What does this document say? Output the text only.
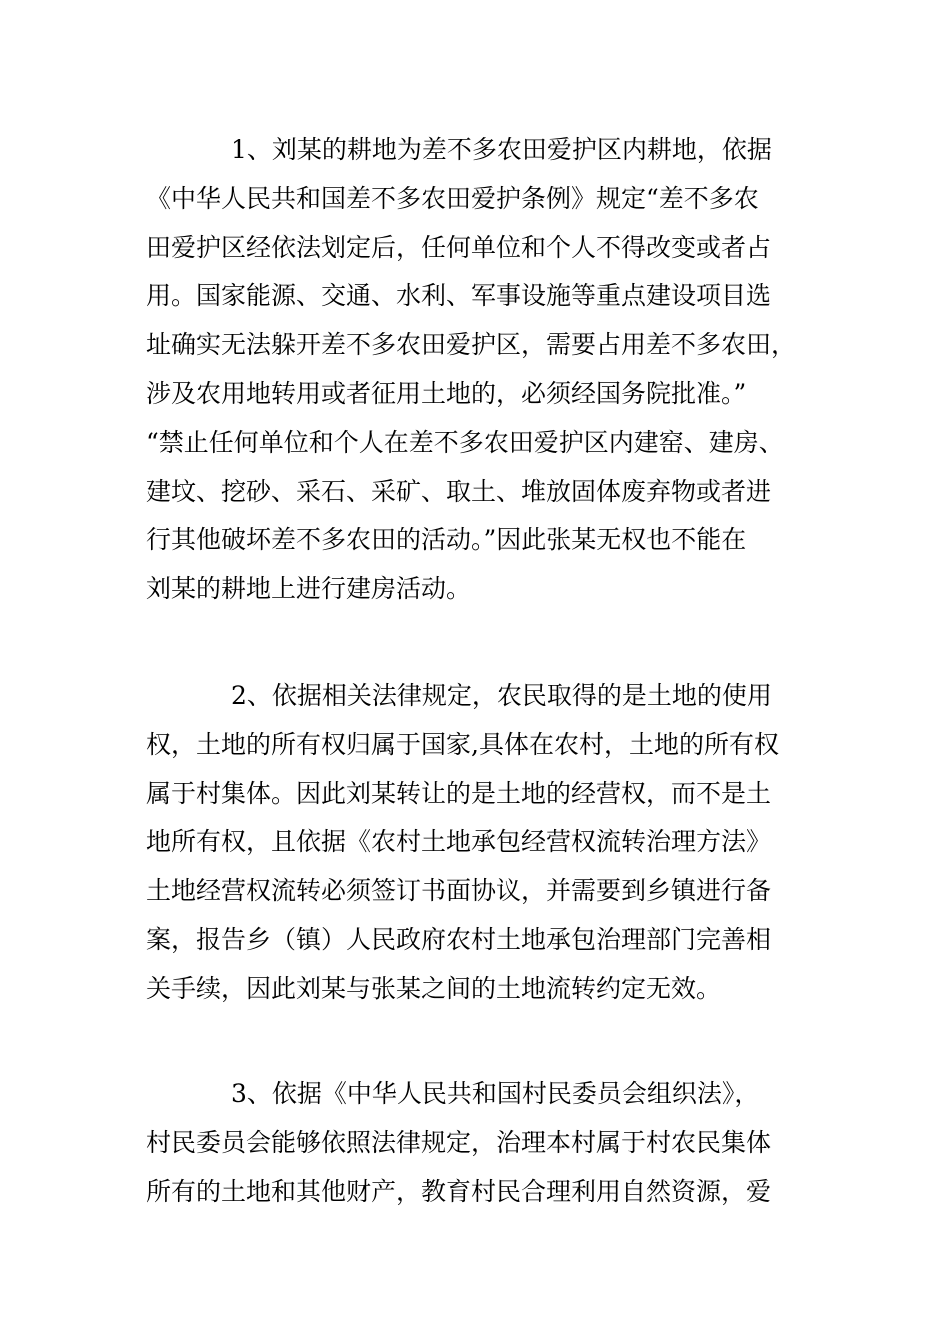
1、刘某的耕地为差不多农田爱护区内耕地，依据
《中华人民共和国差不多农田爱护条例》规定“差不多农
田爱护区经依法划定后，任何单位和个人不得改变或者占
用。国家能源、交通、水利、军事设施等重点建设项目选
址确实无法躲开差不多农田爱护区，需要占用差不多农田，
涉及农用地转用或者征用土地的，必须经国务院批准。”
“禁止任何单位和个人在差不多农田爱护区内建窑、建房、
建坟、挖砂、采石、采矿、取土、堆放固体废弃物或者进
行其他破坏差不多农田的活动。”因此张某无权也不能在
刘某的耕地上进行建房活动。
2、依据相关法律规定，农民取得的是土地的使用
权，土地的所有权归属于国家,具体在农村，土地的所有权
属于村集体。因此刘某转让的是土地的经营权，而不是土
地所有权，且依据《农村土地承包经营权流转治理方法》
土地经营权流转必须签订书面协议，并需要到乡镇进行备
案，报告乡（镇）人民政府农村土地承包治理部门完善相
关手续，因此刘某与张某之间的土地流转约定无效。
3、依据《中华人民共和国村民委员会组织法》，
村民委员会能够依照法律规定，治理本村属于村农民集体
所有的土地和其他财产，教育村民合理利用自然资源，爱
